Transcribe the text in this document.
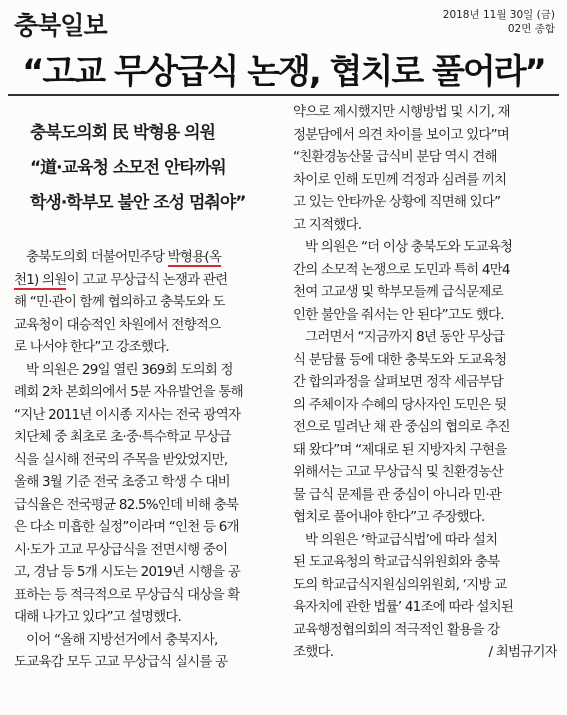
충북일보	2018년 11월 30일 (금)
02면 종합
“고교 무상급식 논쟁, 협치로 풀어라”
충북도의회 民 박형용 의원
“道·교육청 소모전 안타까워
학생·학부모 불안 조성 멈춰야”
충북도의회 더불어민주당 박형용(옥
천1) 의원이 고교 무상급식 논쟁과 관련
해 “민·관이 함께 협의하고 충북도와 도
교육청이 대승적인 차원에서 전향적으
로 나서야 한다”고 강조했다.
박 의원은 29일 열린 369회 도의회 정
례회 2차 본회의에서 5분 자유발언을 통해
“지난 2011년 이시종 지사는 전국 광역자
치단체 중 최초로 초·중·특수학교 무상급
식을 실시해 전국의 주목을 받았었지만,
올해 3월 기준 전국 초중고 학생 수 대비
급식율은 전국평균 82.5%인데 비해 충북
은 다소 미흡한 실정”이라며 “인천 등 6개
시·도가 고교 무상급식을 전면시행 중이
고, 경남 등 5개 시도는 2019년 시행을 공
표하는 등 적극적으로 무상급식 대상을 확
대해 나가고 있다”고 설명했다.
이어 “올해 지방선거에서 충북지사,
도교육감 모두 고교 무상급식 실시를 공
약으로 제시했지만 시행방법 및 시기, 재
정분담에서 의견 차이를 보이고 있다”며
“친환경농산물 급식비 분담 역시 견해
차이로 인해 도민께 걱정과 심려를 끼치
고 있는 안타까운 상황에 직면해 있다”
고 지적했다.
박 의원은 “더 이상 충북도와 도교육청
간의 소모적 논쟁으로 도민과 특히 4만4
천여 고교생 및 학부모들께 급식문제로
인한 불안을 줘서는 안 된다”고도 했다.
그러면서 “지금까지 8년 동안 무상급
식 분담률 등에 대한 충북도와 도교육청
간 합의과정을 살펴보면 정작 세금부담
의 주체이자 수혜의 당사자인 도민은 뒷
전으로 밀려난 채 관 중심의 협의로 추진
돼 왔다”며 “제대로 된 지방자치 구현을
위해서는 고교 무상급식 및 친환경농산
물 급식 문제를 관 중심이 아니라 민·관
협치로 풀어내야 한다”고 주장했다.
박 의원은 ‘학교급식법’에 따라 설치
된 도교육청의 학교급식위원회와 충북
도의 학교급식지원심의위원회, ‘지방 교
육자치에 관한 법률’ 41조에 따라 설치된
교육행정협의회의 적극적인 활용을 강
조했다.	/ 최범규기자
